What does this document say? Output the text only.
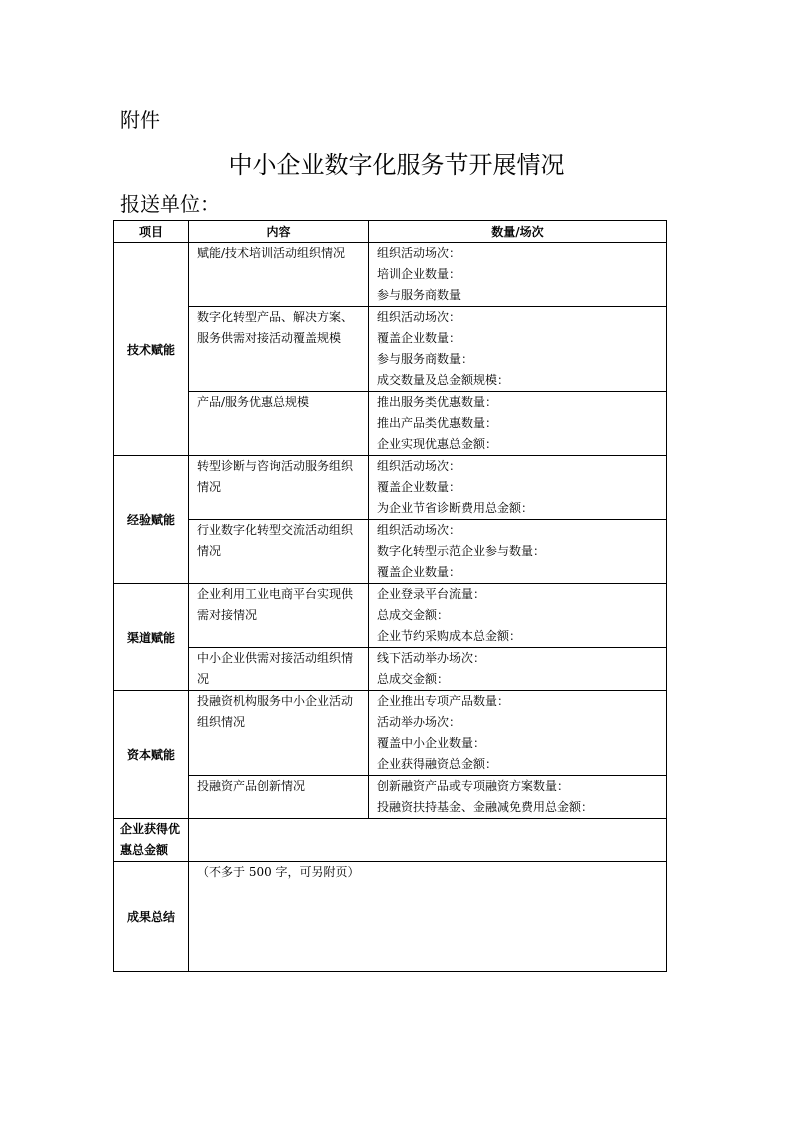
附件
中小企业数字化服务节开展情况
报送单位：
项目	内容	数量/场次
技术赋能	赋能/技术培训活动组织情况	组织活动场次：
培训企业数量：
参与服务商数量

	数字化转型产品、解决方案、服务供需对接活动覆盖规模	组织活动场次：
覆盖企业数量：
参与服务商数量：
成交数量及总金额规模：

	产品/服务优惠总规模	推出服务类优惠数量：
推出产品类优惠数量：
企业实现优惠总金额：

经验赋能	转型诊断与咨询活动服务组织情况	组织活动场次：
覆盖企业数量：
为企业节省诊断费用总金额：

	行业数字化转型交流活动组织情况	组织活动场次：
数字化转型示范企业参与数量：
覆盖企业数量：

渠道赋能	企业利用工业电商平台实现供需对接情况	企业登录平台流量：
总成交金额：
企业节约采购成本总金额：

	中小企业供需对接活动组织情况	线下活动举办场次：
总成交金额：

资本赋能	投融资机构服务中小企业活动组织情况	企业推出专项产品数量：
活动举办场次：
覆盖中小企业数量：
企业获得融资总金额：

	投融资产品创新情况	创新融资产品或专项融资方案数量：
投融资扶持基金、金融减免费用总金额：

企业获得优惠总金额		
成果总结	（不多于 500 字，可另附页）	
